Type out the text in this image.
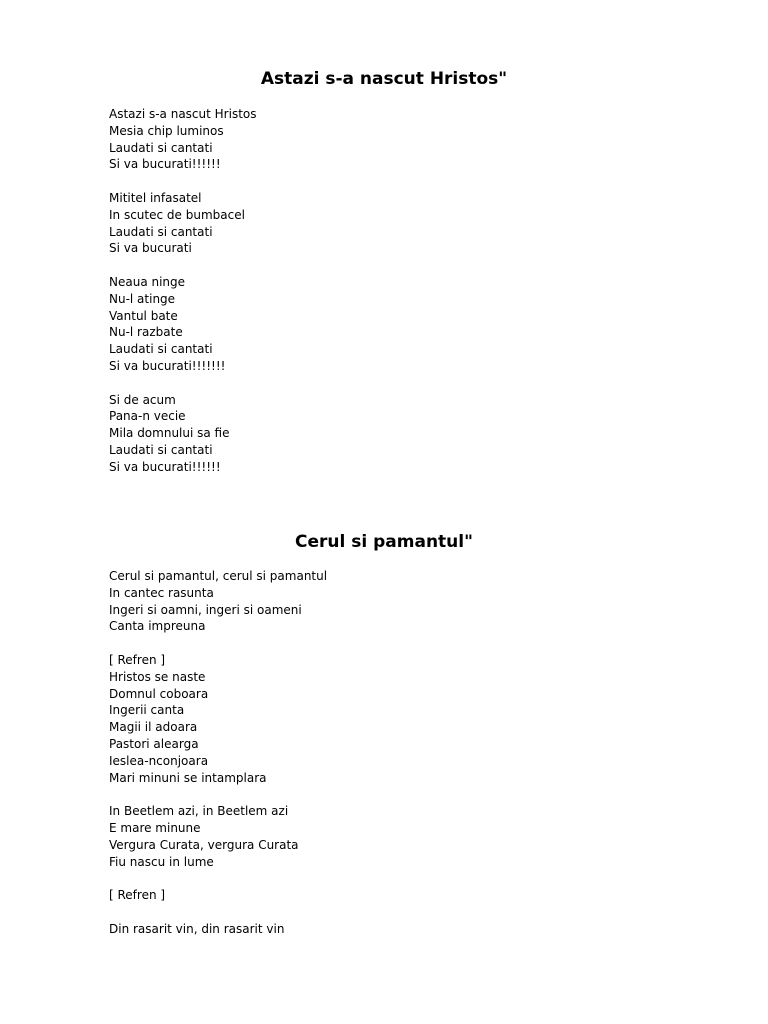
Astazi s-a nascut Hristos"
Astazi s-a nascut Hristos
Mesia chip luminos
Laudati si cantati
Si va bucurati!!!!!!
Mititel infasatel
In scutec de bumbacel
Laudati si cantati
Si va bucurati
Neaua ninge
Nu-l atinge
Vantul bate
Nu-l razbate
Laudati si cantati
Si va bucurati!!!!!!!
Si de acum
Pana-n vecie
Mila domnului sa fie
Laudati si cantati
Si va bucurati!!!!!!
Cerul si pamantul"
Cerul si pamantul, cerul si pamantul
In cantec rasunta
Ingeri si oamni, ingeri si oameni
Canta impreuna
[ Refren ]
Hristos se naste
Domnul coboara
Ingerii canta
Magii il adoara
Pastori alearga
Ieslea-nconjoara
Mari minuni se intamplara
In Beetlem azi, in Beetlem azi
E mare minune
Vergura Curata, vergura Curata
Fiu nascu in lume
[ Refren ]
Din rasarit vin, din rasarit vin
